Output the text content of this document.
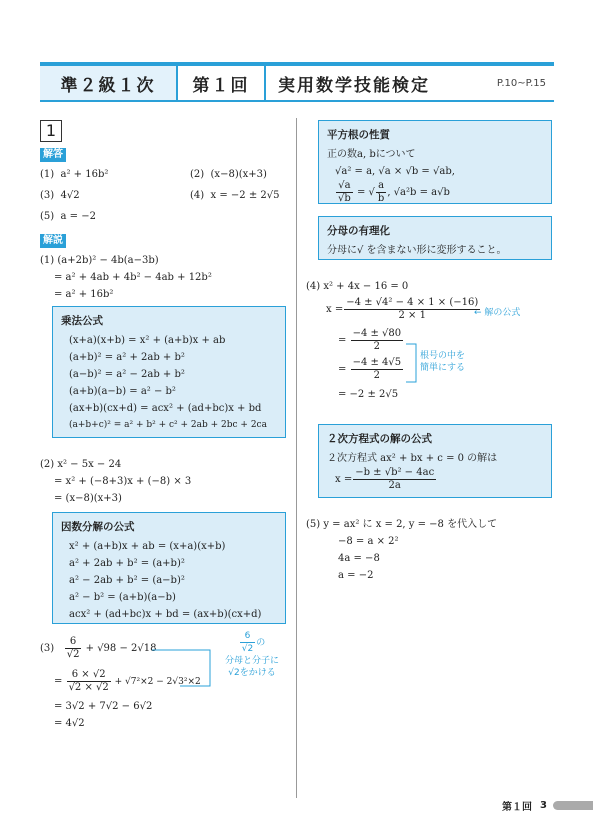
準２級１次	第１回	実用数学技能検定	P.10~P.15
1
解答
(1) a² + 16b²	(2) (x−8)(x+3)
(3) 4√2	(4) x = −2 ± 2√5
(5) a = −2
解説
(1) (a+2b)² − 4b(a−3b)
= a² + 4ab + 4b² − 4ab + 12b²
= a² + 16b²
乗法公式
(x+a)(x+b) = x² + (a+b)x + ab
(a+b)² = a² + 2ab + b²
(a−b)² = a² − 2ab + b²
(a+b)(a−b) = a² − b²
(ax+b)(cx+d) = acx² + (ad+bc)x + bd
(a+b+c)² = a² + b² + c² + 2ab + 2bc + 2ca
(2) x² − 5x − 24
= x² + (−8+3)x + (−8) × 3
= (x−8)(x+3)
因数分解の公式
x² + (a+b)x + ab = (x+a)(x+b)
a² + 2ab + b² = (a+b)²
a² − 2ab + b² = (a−b)²
a² − b² = (a+b)(a−b)
acx² + (ad+bc)x + bd = (ax+b)(cx+d)
$(3) \frac{6}{√2} + √98 - 2√18$
= $\frac{6 \times √2}{√2 \times √2} + √7^2\times 2 - 2√3^2\times 2$
= 3√2 + 7√2 − 6√2
= 4√2
$\frac{6}{√2}$ の
分母と分子に
√2をかける
平方根の性質
正の数a, bについて
√a² = a, √a × √b = √ab,
$\frac{√a}{√b}$ = √ $\frac{a}{b}$ , √a²b = a√b
分母の有理化
分母に√ を含まない形に変形すること。
(4) x² + 4x − 16 = 0
$x = \frac{\text{−4 ± √4² − 4 × 1 × (−16)}}{2 \times 1}$
= $\frac{-4 \pm √80}{2}$
= $\frac{-4 \pm 4√5}{2}$
= −2 ± 2√5
← 解の公式
根号の中を
簡単にする
２次方程式の解の公式
２次方程式 ax² + bx + c = 0 の解は
$x = \frac{\text{−b ± √b² − 4ac}}{2a}$
(5) y = ax² に x = 2, y = −8 を代入して
−8 = a × 2²
4a = −8
a = −2
第１回 3
